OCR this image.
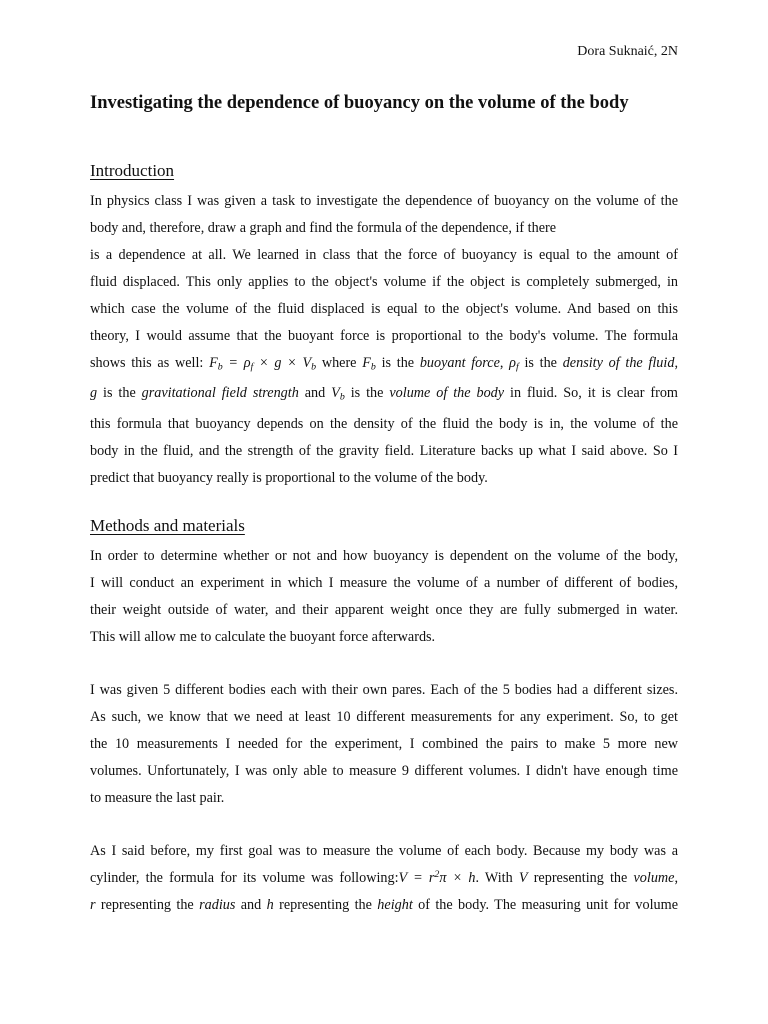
Dora Suknaić, 2N
Investigating the dependence of buoyancy on the volume of the body
Introduction
In physics class I was given a task to investigate the dependence of buoyancy on the volume of the
body and, therefore, draw a graph and find the formula of the dependence, if there
is a dependence at all. We learned in class that the force of buoyancy is equal to the amount of
fluid displaced. This only applies to the object's volume if the object is completely submerged, in
which case the volume of the fluid displaced is equal to the object's volume. And based on this
theory, I would assume that the buoyant force is proportional to the body's volume. The formula
shows this as well: $F_b = \rho_f \times g \times V_b$ where $F_b$ is the buoyant force, $\rho_f$ is the density of the fluid,
g is the gravitational field strength and $V_b$ is the volume of the body in fluid. So, it is clear from
this formula that buoyancy depends on the density of the fluid the body is in, the volume of the
body in the fluid, and the strength of the gravity field. Literature backs up what I said above. So I
predict that buoyancy really is proportional to the volume of the body.
Methods and materials
In order to determine whether or not and how buoyancy is dependent on the volume of the body,
I will conduct an experiment in which I measure the volume of a number of different of bodies,
their weight outside of water, and their apparent weight once they are fully submerged in water.
This will allow me to calculate the buoyant force afterwards.
I was given 5 different bodies each with their own pares. Each of the 5 bodies had a different sizes.
As such, we know that we need at least 10 different measurements for any experiment. So, to get
the 10 measurements I needed for the experiment, I combined the pairs to make 5 more new
volumes. Unfortunately, I was only able to measure 9 different volumes. I didn't have enough time
to measure the last pair.
As I said before, my first goal was to measure the volume of each body. Because my body was a
cylinder, the formula for its volume was following:V = $r^2\pi \times h$. With V representing the volume,
r representing the radius and h representing the height of the body. The measuring unit for volume
